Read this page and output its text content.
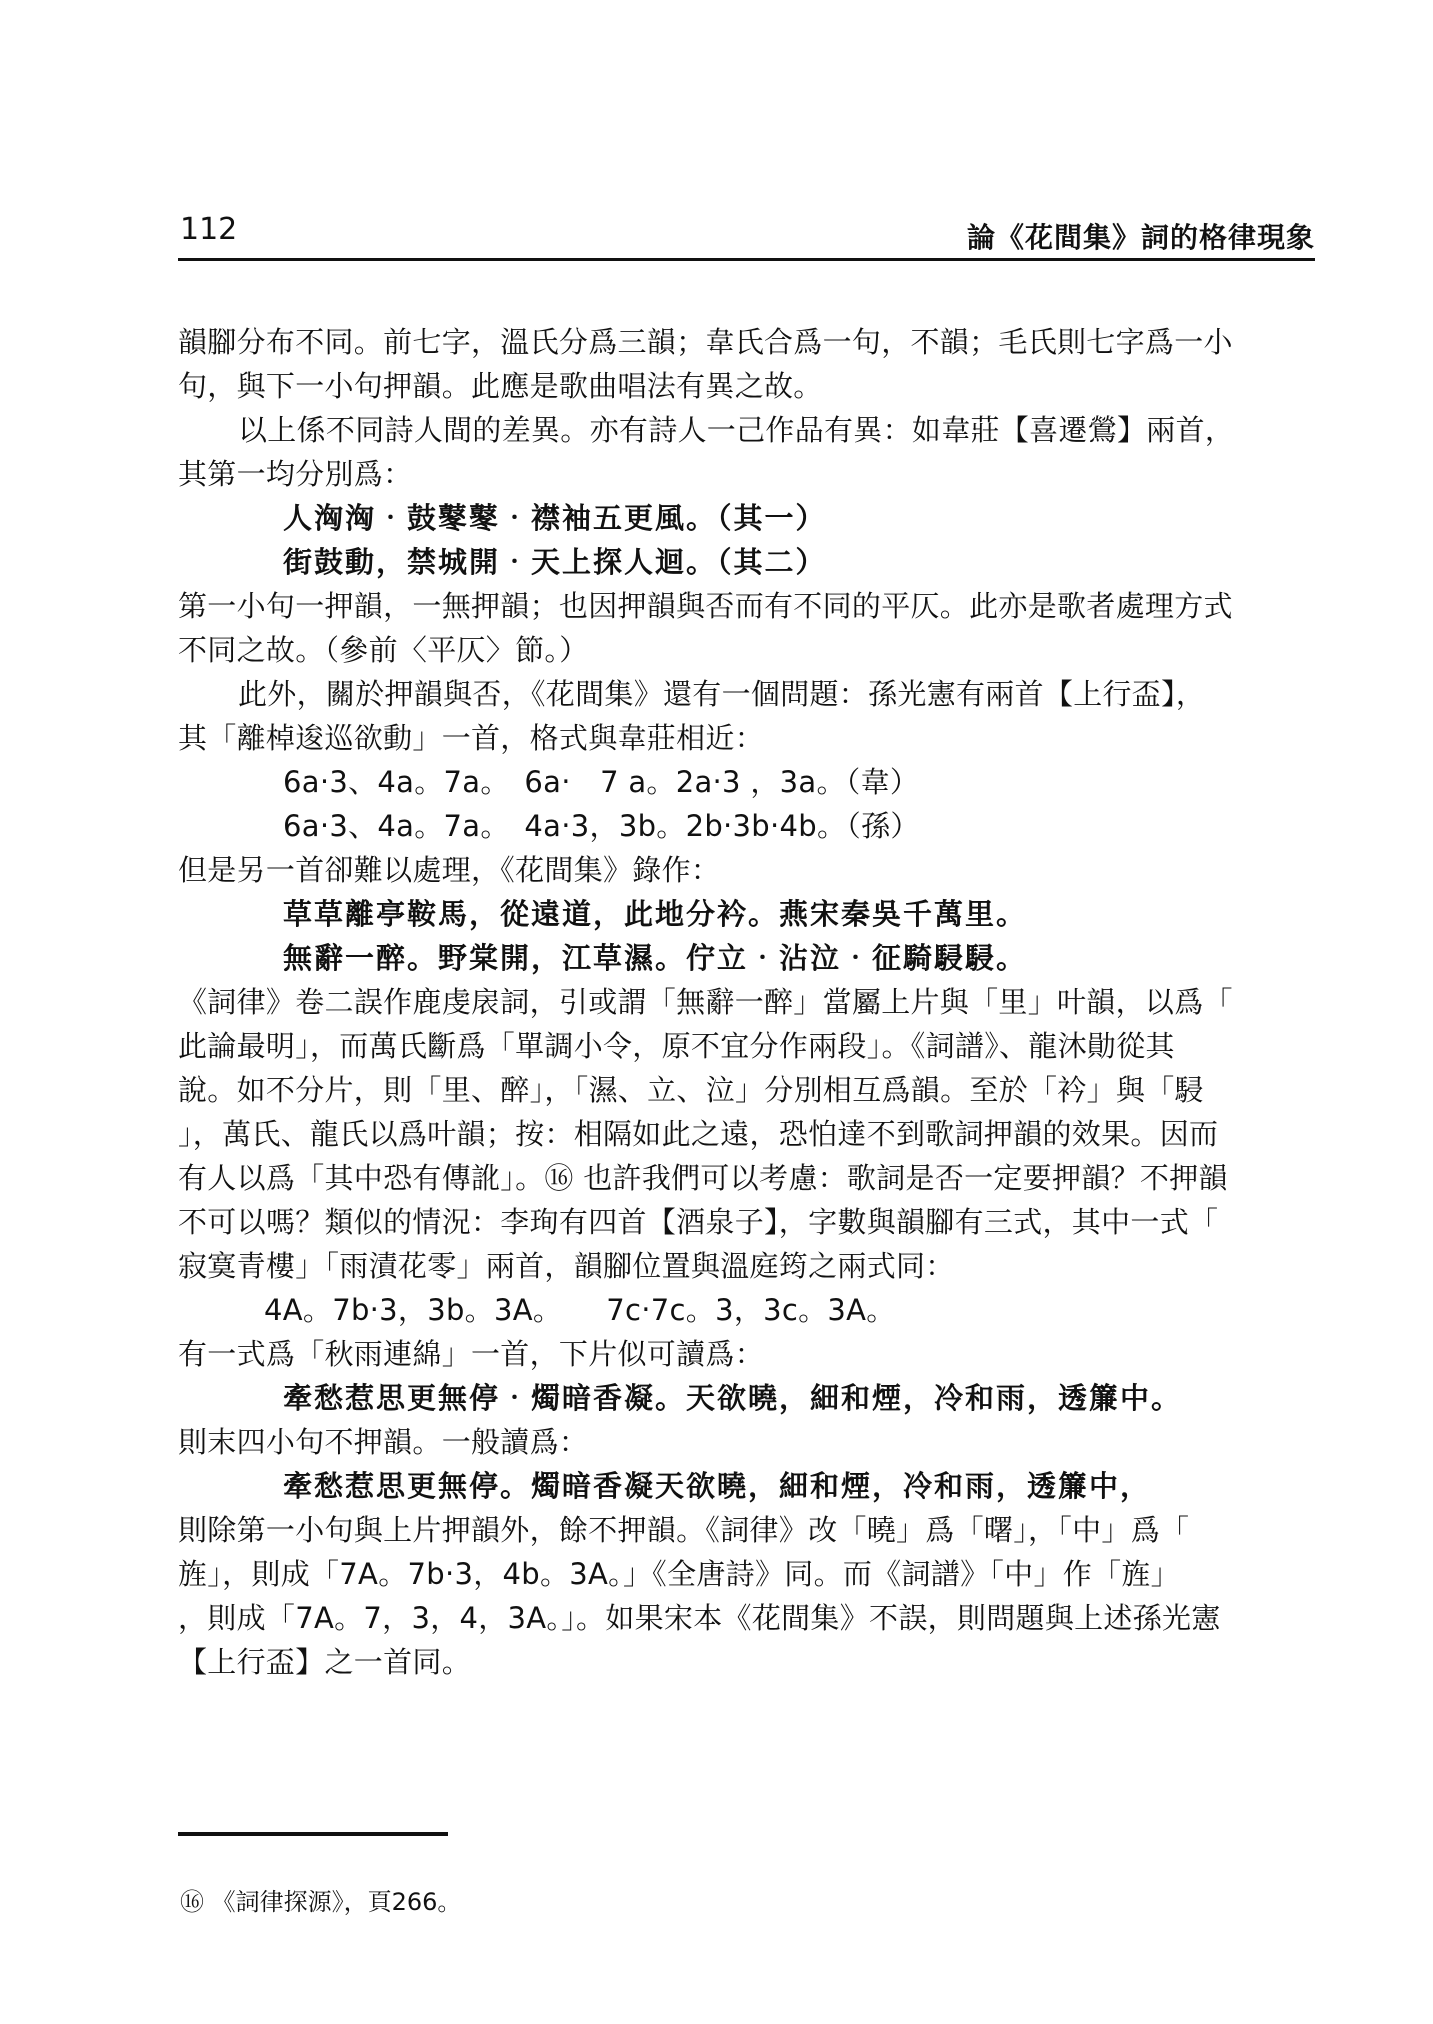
112	論《花間集》詞的格律現象
韻腳分布不同。前七字，溫氏分爲三韻；韋氏合爲一句，不韻；毛氏則七字爲一小
句，與下一小句押韻。此應是歌曲唱法有異之故。
以上係不同詩人間的差異。亦有詩人一己作品有異：如韋莊【喜遷鶯】兩首，
其第一均分別爲：
人洶洶‧鼓鼕鼕‧襟袖五更風。（其一）
街鼓動，禁城開‧天上探人迴。（其二）
第一小句一押韻，一無押韻；也因押韻與否而有不同的平仄。此亦是歌者處理方式
不同之故。（參前〈平仄〉節。）
此外，關於押韻與否，《花間集》還有一個問題：孫光憲有兩首【上行盃】，
其「離棹逡巡欲動」一首，格式與韋莊相近：
6a‧3、4a。7a。　6a‧　7 a。2a‧3 ，3a。（韋）
6a‧3、4a。7a。　4a‧3，3b。2b‧3b‧4b。（孫）
但是另一首卻難以處理，《花間集》錄作：
草草離亭鞍馬，從遠道，此地分衿。燕宋秦吳千萬里。
無辭一醉。野棠開，江草濕。佇立‧沾泣‧征騎駸駸。
《詞律》卷二誤作鹿虔扆詞，引或謂「無辭一醉」當屬上片與「里」叶韻，以爲「
此論最明」，而萬氏斷爲「單調小令，原不宜分作兩段」。《詞譜》、龍沐勛從其
說。如不分片，則「里、醉」，「濕、立、泣」分別相互爲韻。至於「衿」與「駸
」，萬氏、龍氏以爲叶韻；按：相隔如此之遠，恐怕達不到歌詞押韻的效果。因而
有人以爲「其中恐有傳訛」。⑯ 也許我們可以考慮：歌詞是否一定要押韻？不押韻
不可以嗎？類似的情況：李珣有四首【酒泉子】，字數與韻腳有三式，其中一式「
寂寞青樓」「雨漬花零」兩首，韻腳位置與溫庭筠之兩式同：
4A。7b‧3，3b。3A。　　7c‧7c。3，3c。3A。
有一式爲「秋雨連綿」一首，下片似可讀爲：
牽愁惹思更無停‧燭暗香凝。天欲曉，細和煙，冷和雨，透簾中。
則末四小句不押韻。一般讀爲：
牽愁惹思更無停。燭暗香凝天欲曉，細和煙，冷和雨，透簾中，
則除第一小句與上片押韻外，餘不押韻。《詞律》改「曉」爲「曙」，「中」爲「
旌」，則成「7A。7b‧3，4b。3A。」《全唐詩》同。而《詞譜》「中」作「旌」
，則成「7A。7，3，4，3A。」。如果宋本《花間集》不誤，則問題與上述孫光憲
【上行盃】之一首同。
⑯ 《詞律探源》，頁266。
